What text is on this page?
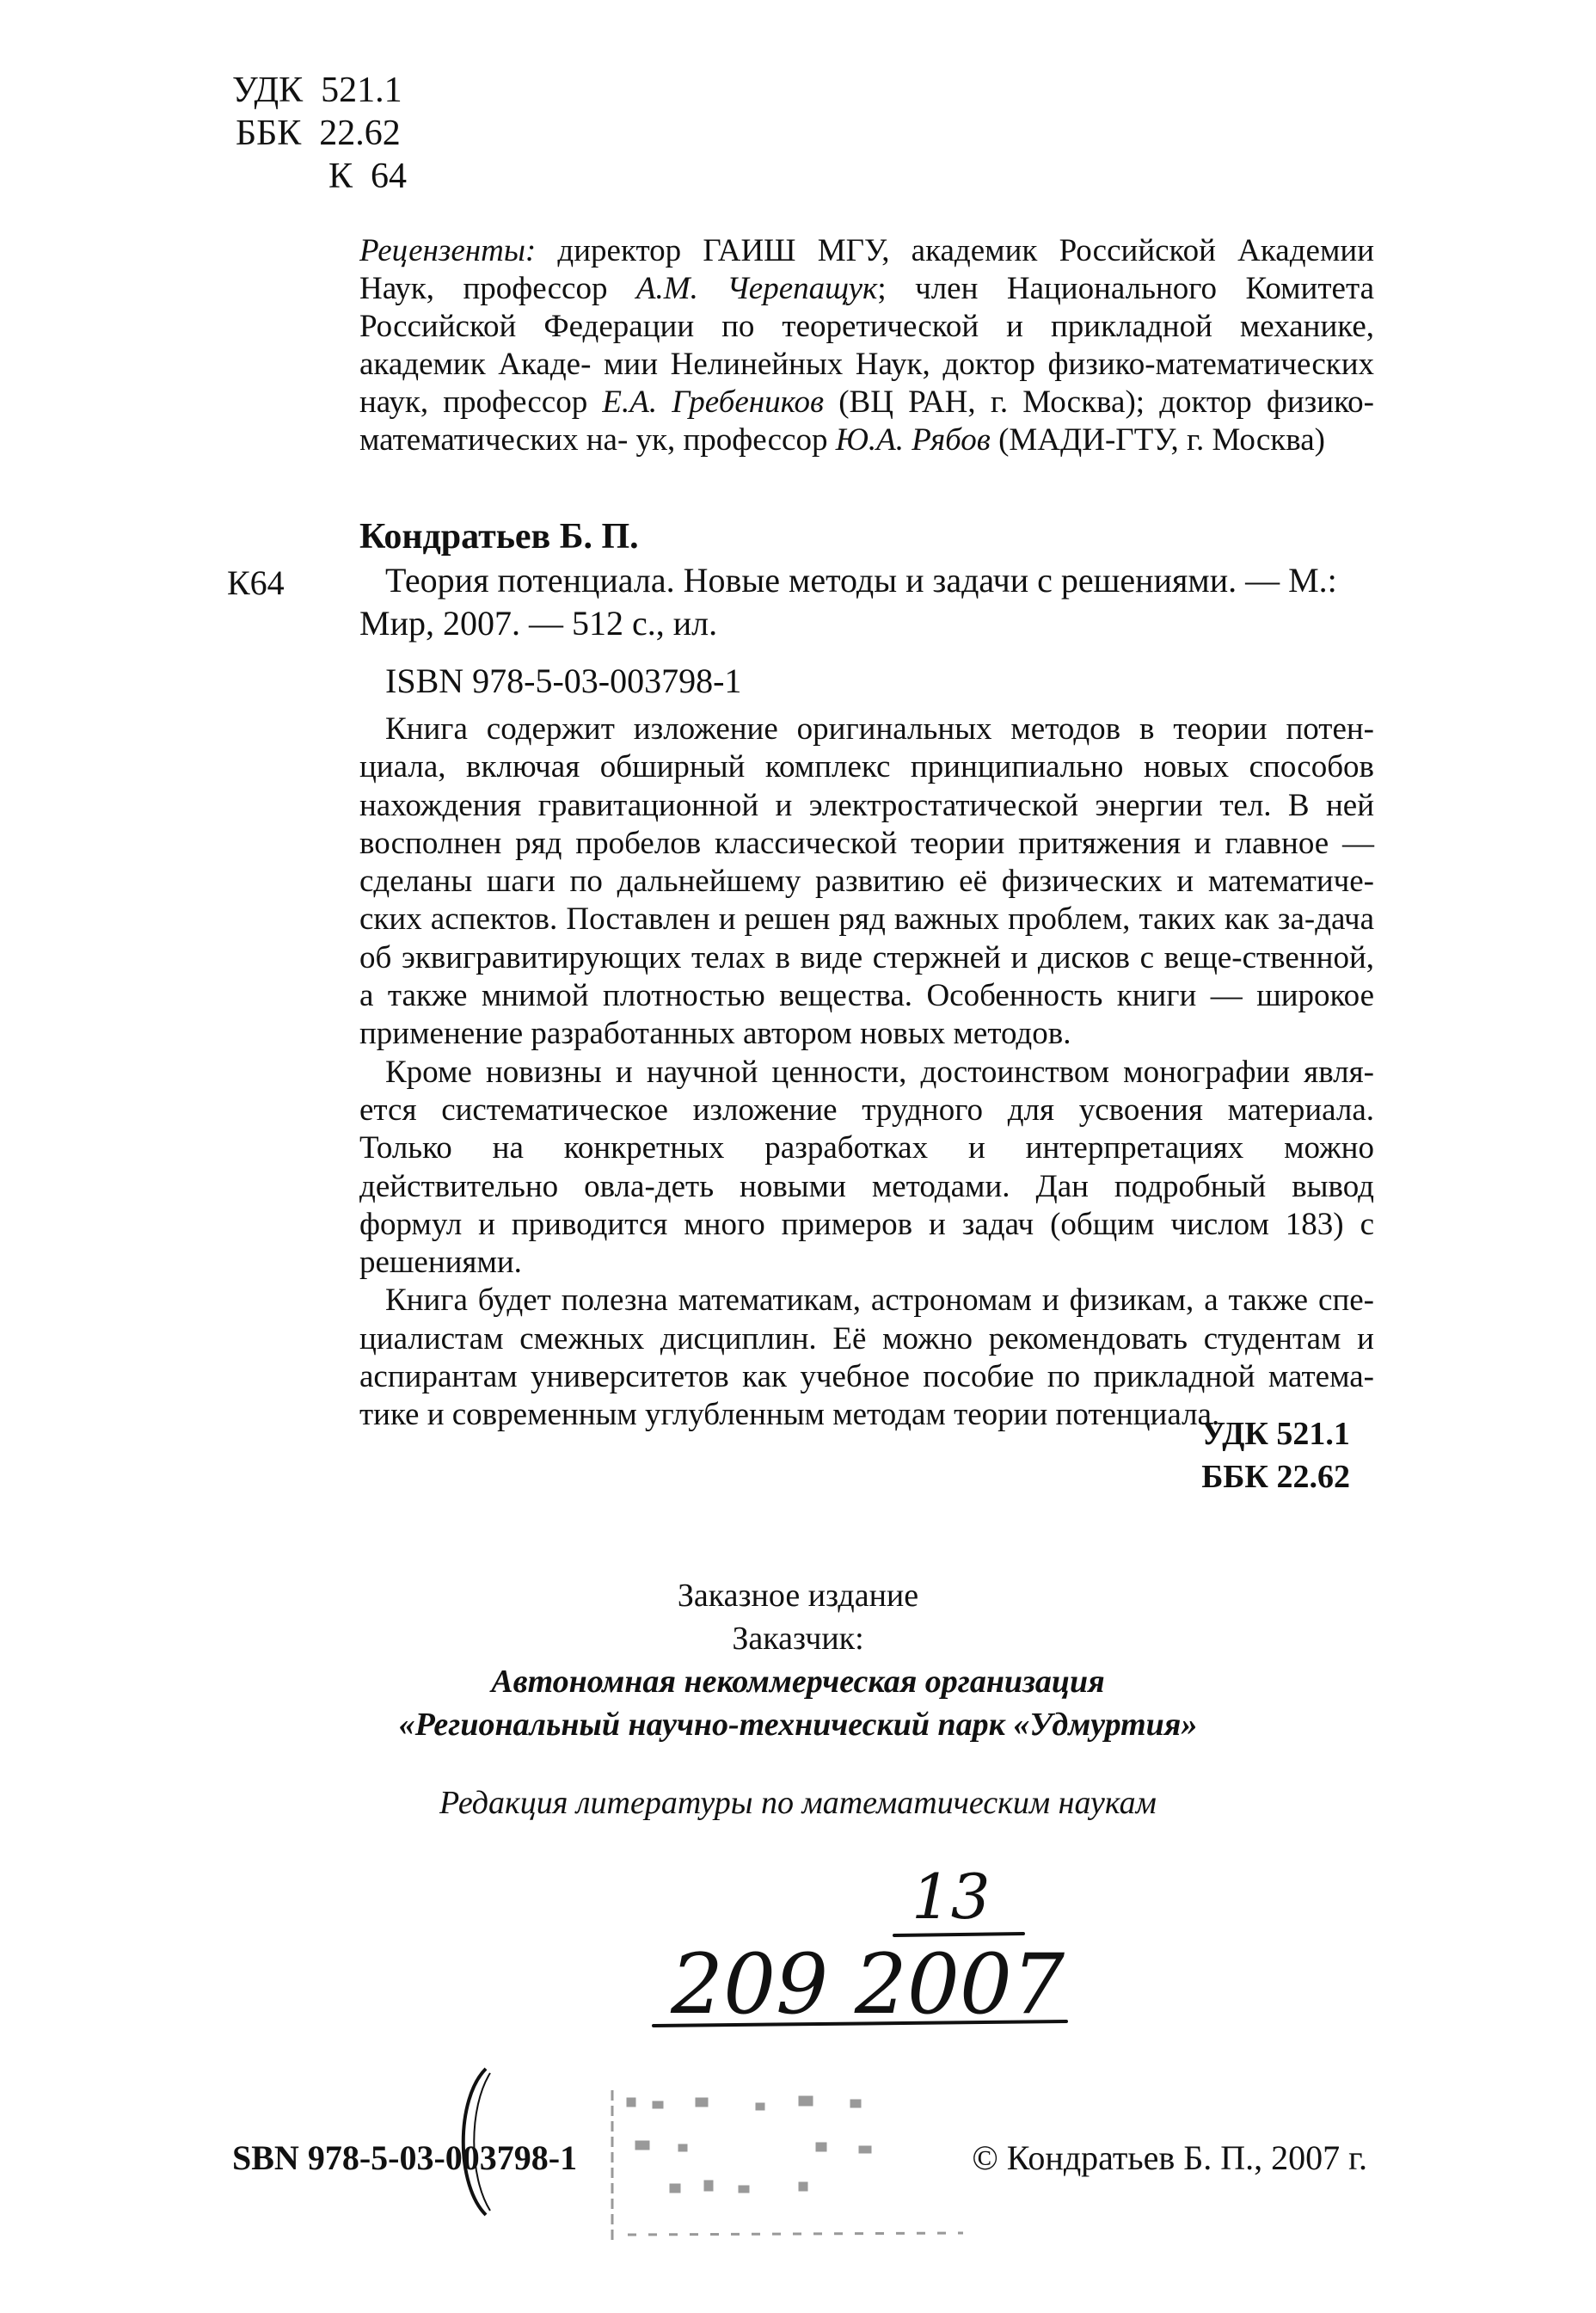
УДК  521.1
ББК  22.62
К  64

Рецензенты: директор ГАИШ МГУ, академик Российской Академии Наук, профессор А.М. Черепащук; член Национального Комитета Российской Федерации по теоретической и прикладной механике, академик Акаде- мии Нелинейных Наук, доктор физико-математических наук, профессор Е.А. Гребеников (ВЦ РАН, г. Москва); доктор физико-математических на- ук, профессор Ю.А. Рябов (МАДИ-ГТУ, г. Москва)

Кондратьев Б. П.
К64	Теория потенциала. Новые методы и задачи с решениями. — М.:
Мир, 2007. — 512 с., ил.
ISBN 978-5-03-003798-1

Книга содержит изложение оригинальных методов в теории потен-циала, включая обширный комплекс принципиально новых способов нахождения гравитационной и электростатической энергии тел. В ней восполнен ряд пробелов классической теории притяжения и главное — сделаны шаги по дальнейшему развитию её физических и математиче-ских аспектов. Поставлен и решен ряд важных проблем, таких как за-дача об эквигравитирующих телах в виде стержней и дисков с веще-ственной, а также мнимой плотностью вещества. Особенность книги — широкое применение разработанных автором новых методов.

Кроме новизны и научной ценности, достоинством монографии явля-ется систематическое изложение трудного для усвоения материала. Только на конкретных разработках и интерпретациях можно действительно овла-деть новыми методами. Дан подробный вывод формул и приводится много примеров и задач (общим числом 183) с решениями.

Книга будет полезна математикам, астрономам и физикам, а также спе-циалистам смежных дисциплин. Её можно рекомендовать студентам и аспирантам университетов как учебное пособие по прикладной матема-тике и современным углубленным методам теории потенциала.

УДК 521.1
ББК 22.62
Заказное издание
Заказчик:
Автономная некоммерческая организация
«Региональный научно-технический парк «Удмуртия»
Редакция литературы по математическим наукам
13
209 2007
SBN 978-5-03-003798-1	© Кондратьев Б. П., 2007 г.
